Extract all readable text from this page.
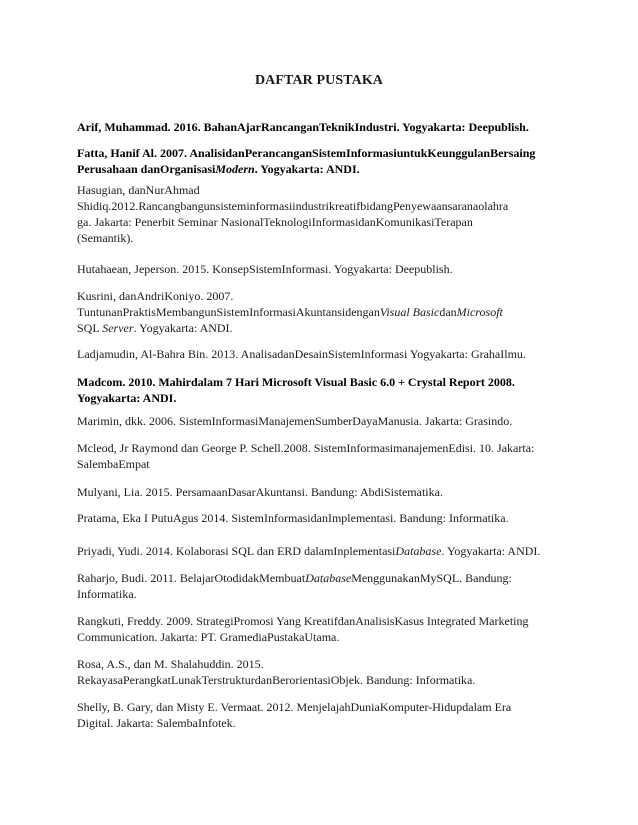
DAFTAR PUSTAKA
Arif, Muhammad. 2016. BahanAjarRancanganTeknikIndustri. Yogyakarta: Deepublish.
Fatta, Hanif Al. 2007. AnalisidanPerancanganSistemInformasiuntukKeunggulanBersaing
Perusahaan danOrganisasiModern. Yogyakarta: ANDI.
Hasugian, danNurAhmad
Shidiq.2012.Rancangbangunsisteminformasiindustrikreatifbidang​Penyewaansaranaolahra
ga. Jakarta: Penerbit Seminar NasionalTeknologiInformasidanKomunikasiTerapan
(Semantik).
Hutahaean, Jeperson. 2015. KonsepSistemInformasi. Yogyakarta: Deepublish.
Kusrini, danAndriKoniyo. 2007.
TuntunanPraktisMembangunSistemInformasiAkuntansidenganVisual BasicdanMicrosoft
SQL Server. Yogyakarta: ANDI.
Ladjamudin, Al-Bahra Bin. 2013. AnalisadanDesainSistemInformasi Yogyakarta: GrahaIlmu.
Madcom. 2010. Mahirdalam 7 Hari Microsoft Visual Basic 6.0 + Crystal Report 2008.
Yogyakarta: ANDI.
Marimin, dkk. 2006. SistemInformasiManajemenSumberDayaManusia. Jakarta: Grasindo.
Mcleod, Jr Raymond dan George P. Schell.2008. SistemInformasimanajemenEdisi. 10. Jakarta:
SalembaEmpat
Mulyani, Lia. 2015. PersamaanDasarAkuntansi. Bandung: AbdiSistematika.
Pratama, Eka I PutuAgus 2014. SistemInformasidanImplementasi. Bandung: Informatika.
Priyadi, Yudi. 2014. Kolaborasi SQL dan ERD dalamInplementasiDatabase. Yogyakarta: ANDI.
Raharjo, Budi. 2011. BelajarOtodidakMembuatDatabaseMenggunakanMySQL. Bandung:
Informatika.
Rangkuti, Freddy. 2009. StrategiPromosi Yang KreatifdanAnalisisKasus Integrated Marketing
Communication. Jakarta: PT. GramediaPustakaUtama.
Rosa, A.S., dan M. Shalahuddin. 2015.
RekayasaPerangkatLunakTerstrukturdanBerorientasiObjek. Bandung: Informatika.
Shelly, B. Gary, dan Misty E. Vermaat. 2012. MenjelajahDuniaKomputer-Hidupdalam Era
Digital. Jakarta: SalembaInfotek.
